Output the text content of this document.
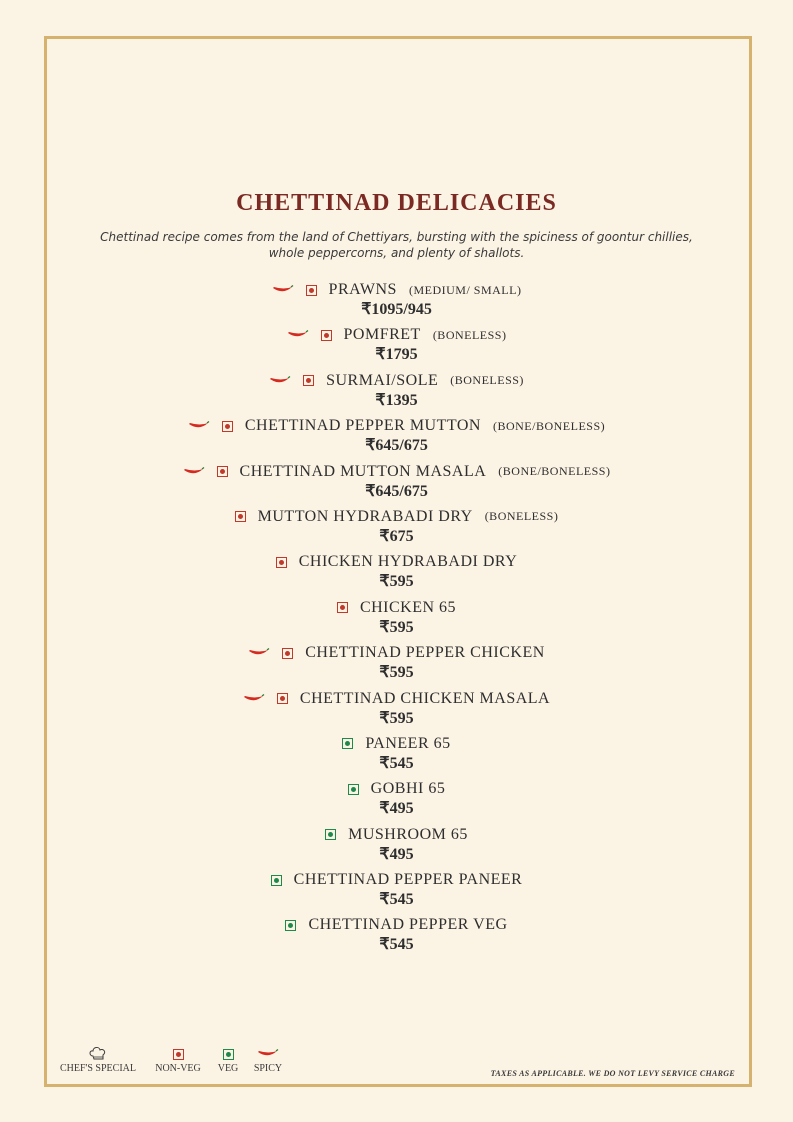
CHETTINAD DELICACIES
Chettinad recipe comes from the land of Chettiyars, bursting with the spiciness of goontur chillies, whole peppercorns, and plenty of shallots.
PRAWNS (MEDIUM/ SMALL)
₹1095/945
POMFRET (BONELESS)
₹1795
SURMAI/SOLE (BONELESS)
₹1395
CHETTINAD PEPPER MUTTON (BONE/BONELESS)
₹645/675
CHETTINAD MUTTON MASALA (BONE/BONELESS)
₹645/675
MUTTON HYDRABADI DRY (BONELESS)
₹675
CHICKEN HYDRABADI DRY
₹595
CHICKEN 65
₹595
CHETTINAD PEPPER CHICKEN
₹595
CHETTINAD CHICKEN MASALA
₹595
PANEER 65
₹545
GOBHI 65
₹495
MUSHROOM 65
₹495
CHETTINAD PEPPER PANEER
₹545
CHETTINAD PEPPER VEG
₹545
CHEF'S SPECIAL	NON-VEG	VEG	SPICY	TAXES AS APPLICABLE. WE DO NOT LEVY SERVICE CHARGE
